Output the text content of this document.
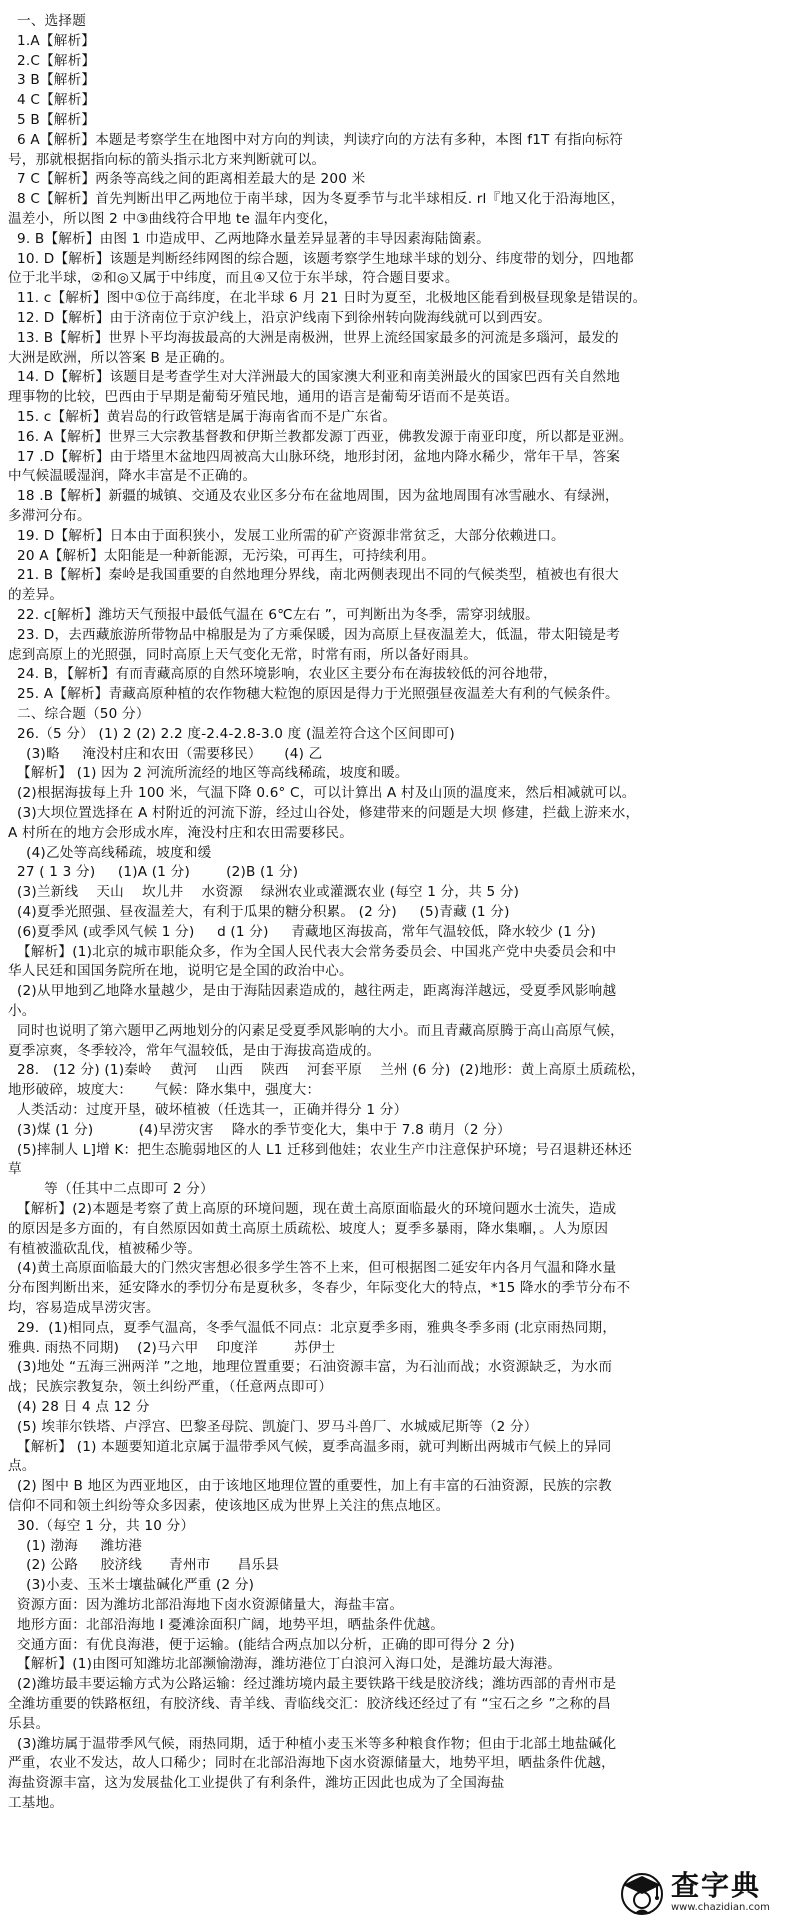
一、选择题
1.A【解析】
2.C【解析】
3 B【解析】
4 C【解析】
5 B【解析】
6 A【解析】本题是考察学生在地图中对方向的判读，判读疗向的方法有多种，本图 f1T 有指向标符
号，那就根据指向标的箭头指示北方来判断就可以。
7 C【解析】两条等高线之间的距离相差最大的是 200 米
8 C【解析】首先判断出甲乙两地位于南半球，因为冬夏季节与北半球相反. rl『地又化于沿海地区，
温差小，所以图 2 中③曲线符合甲地 te 温年内变化，
9. B【解析】由图 1 巾造成甲、乙两地降水量差异显著的丰导因素海陆箇素。
10. D【解析】该题是判断经纬网图的综合题，该题考察学生地球半球的划分、纬度带的划分，四地都
位于北半球，②和◎又属于中纬度，而且④又位于东半球，符合题目要求。
11. c【解析】图中①位于高纬度，在北半球 6 月 21 日时为夏至，北极地区能看到极昼现象是错误的。
12. D【解析】由于济南位于京沪线上，沿京沪线南下到徐州转向陇海线就可以到西安。
13. B【解析】世界卜平均海拔最高的大洲是南极洲，世界上流经国家最多的河流是多瑙河，最发的
大洲是欧洲，所以答案 B 是正确的。
14. D【解析】该题目是考查学生对大洋洲最大的国家澳大利亚和南美洲最火的国家巴西有关自然地
理事物的比较，巴西由于早期是葡萄牙殖民地，通用的语言是葡萄牙语而不是英语。
15. c【解析】黄岩岛的行政管辖是属于海南省而不是广东省。
16. A【解析】世界三大宗教基督教和伊斯兰教都发源丁西亚，佛教发源于南亚印度，所以都是亚洲。
17 .D【解析】由于塔里木盆地四周被高大山脉环绕，地形封闭，盆地内降水稀少，常年干旱，答案
中气候温暖湿润，降水丰富是不正确的。
18 .B【解析】新疆的城镇、交通及农业区多分布在盆地周围，因为盆地周围有冰雪融水、有绿洲，
多滞河分布。
19. D【解析】日本由于面积狭小，发展工业所需的矿产资源非常贫乏，大部分依赖进口。
20 A【解析】太阳能是一种新能源，无污染，可再生，可持续利用。
21. B【解析】秦岭是我国重要的自然地理分界线，南北两侧表现出不同的气候类型，植被也有很大
的差异。
22. c[解析】潍坊天气预报中最低气温在 6℃左右 ”，可判断出为冬季，需穿羽绒服。
23. D，去西藏旅游所带物品中棉服是为了方乘保暖，因为高原上昼夜温差大，低温，带太阳镜是考
虑到高原上的光照强，同时高原上天气变化无常，时常有雨，所以备好雨具。
24. B，【解析】有而青藏高原的自然环境影响，农业区主要分布在海拔较低的河谷地带，
25. A【解析】青藏高原种植的农作物穗大粒饱的原因是得力于光照强昼夜温差大有利的气候条件。
二、综合题（50 分）
26.（5 分） (1) 2 (2) 2.2 度-2.4-2.8-3.0 度 (温差符合这个区间即可)
(3)略     淹没村庄和农田（需要移民）     (4) 乙
【解析】 (1) 因为 2 河流所流经的地区等高线稀疏，坡度和暖。
(2)根据海拔每上升 100 米，气温下降 0.6° C，可以计算出 A 村及山顶的温度来，然后相减就可以。
(3)大坝位置选择在 A 村附近的河流下游，经过山谷处，修建带来的问题是大坝 修建，拦截上游来水，
A 村所在的地方会形成水库，淹没村庄和农田需要移民。
(4)乙处等高线稀疏，坡度和缓
27 ( 1 3 分)     (1)A (1 分)        (2)B (1 分)
(3)兰新线    天山    坎儿井    水资源    绿洲农业或灌溉农业 (每空 1 分，共 5 分)
(4)夏季光照强、昼夜温差大，有利于瓜果的糖分积累。 (2 分)     (5)青藏 (1 分)
(6)夏季风 (或季风气候 1 分)     d (1 分)     青藏地区海拔高，常年气温较低，降水较少 (1 分)
【解析】(1)北京的城市职能众多，作为全国人民代表大会常务委员会、中国兆产党中央委员会和中
华人民廷和国国务院所在地，说明它是全国的政治中心。
(2)从甲地到乙地降水量越少，是由于海陆因素造成的，越往两走，距离海洋越远，受夏季风影响越
小。
同时也说明了第六题甲乙两地划分的闪素足受夏季风影响的大小。而且青藏高原腾于高山高原气候，
夏季凉爽，冬季较冷，常年气温较低，是由于海拔高造成的。
28.   (12 分) (1)秦岭    黄河    山西    陕西    河套平原    兰州 (6 分)  (2)地形：黄上高原土质疏松，
地形破碎，坡度大：     气候：降水集中，强度大：
人类活动：过度开垦，破坏植被（任选其一，正确并得分 1 分）
(3)煤 (1 分)          (4)早涝灾害    降水的季节变化大，集中于 7.8 萌月（2 分）
(5)摔制人 L]增 K：把生态脆弱地区的人 L1 迁移到他娃；农业生产巾注意保护环境；号召退耕还林还
草
等（任其中二点即可 2 分）
【解析】(2)本题是考察了黄上高原的环境问题，现在黄土高原面临最火的环境问题水士流失，造成
的原因是多方面的，有自然原因如黄土高原土质疏松、坡度人；夏季多暴雨，降水集嗰，。人为原因
有植被滥砍乱伐，植被稀少等。
(4)黄土高原面临最大的门然灾害想必很多学生答不上来，但可根据图二延安年内各月气温和降水量
分布图判断出来，延安降水的季忉分布是夏秋多，冬春少，年际变化大的特点，*15 降水的季节分布不
均，容易造成旱涝灾害。
29.  (1)相同点，夏季气温高，冬季气温低不同点：北京夏季多雨，雅典冬季多雨 (北京雨热同期，
雅典. 雨热不同期)    (2)马六甲    印度洋        苏伊士
(3)地处 “五海三洲两洋 ”之地，地理位置重要；石油资源丰富，为石汕而战；水资源缺乏，为水而
战；民族宗教复杂，领土纠纷严重，（任意两点即可）
(4) 28 日 4 点 12 分
(5) 埃菲尔铁塔、卢浮宫、巴黎圣母院、凯旋门、罗马斗兽厂、水城威尼斯等（2 分）
【解析】 (1) 本题要知道北京属于温带季风气候，夏季高温多雨，就可判断出两城市气候上的异同
点。
(2) 图中 B 地区为西亚地区，由于该地区地理位置的重要性，加上有丰富的石油资源，民族的宗教
信仰不同和领土纠纷等众多因素，使该地区成为世界上关注的焦点地区。
30.（每空 1 分，共 10 分）
(1) 渤海     潍坊港
(2) 公路     胶济线      青州市      昌乐县
(3)小麦、玉米士壤盐碱化严重 (2 分)
资源方面：因为潍坊北部沿海地下卤水资源储量大，海盐丰富。
地形方面：北部沿海地 I 憂滩涂面积广阔，地势平坦，晒盐条件优越。
交通方面：有优良海港，便于运输。(能结合两点加以分析，正确的即可得分 2 分)
【解析】(1)由图可知潍坊北部濒愉渤海，潍坊港位丁白浪河入海口处，是潍坊最大海港。
(2)潍坊最丰要运输方式为公路运输：经过潍坊境内最主要铁路干线是胶济线；潍坊西部的青州市是
全潍坊重要的铁路枢纽，有胶济线、青羊线、青临线交汇：胶济线还经过了有 “宝石之乡 ”之称的昌
乐县。
(3)潍坊属于温带季风气候，雨热同期，适于种植小麦玉米等多种粮食作物；但由于北部土地盐碱化
严重，农业不发达，故人口稀少；同时在北部沿海地下卤水资源储量大，地势平坦，晒盐条件优越，
海盐资源丰富，这为发展盐化工业提供了有利条件，潍坊正因此也成为了全国海盐
工基地。
查字典
www.chazidian.com
